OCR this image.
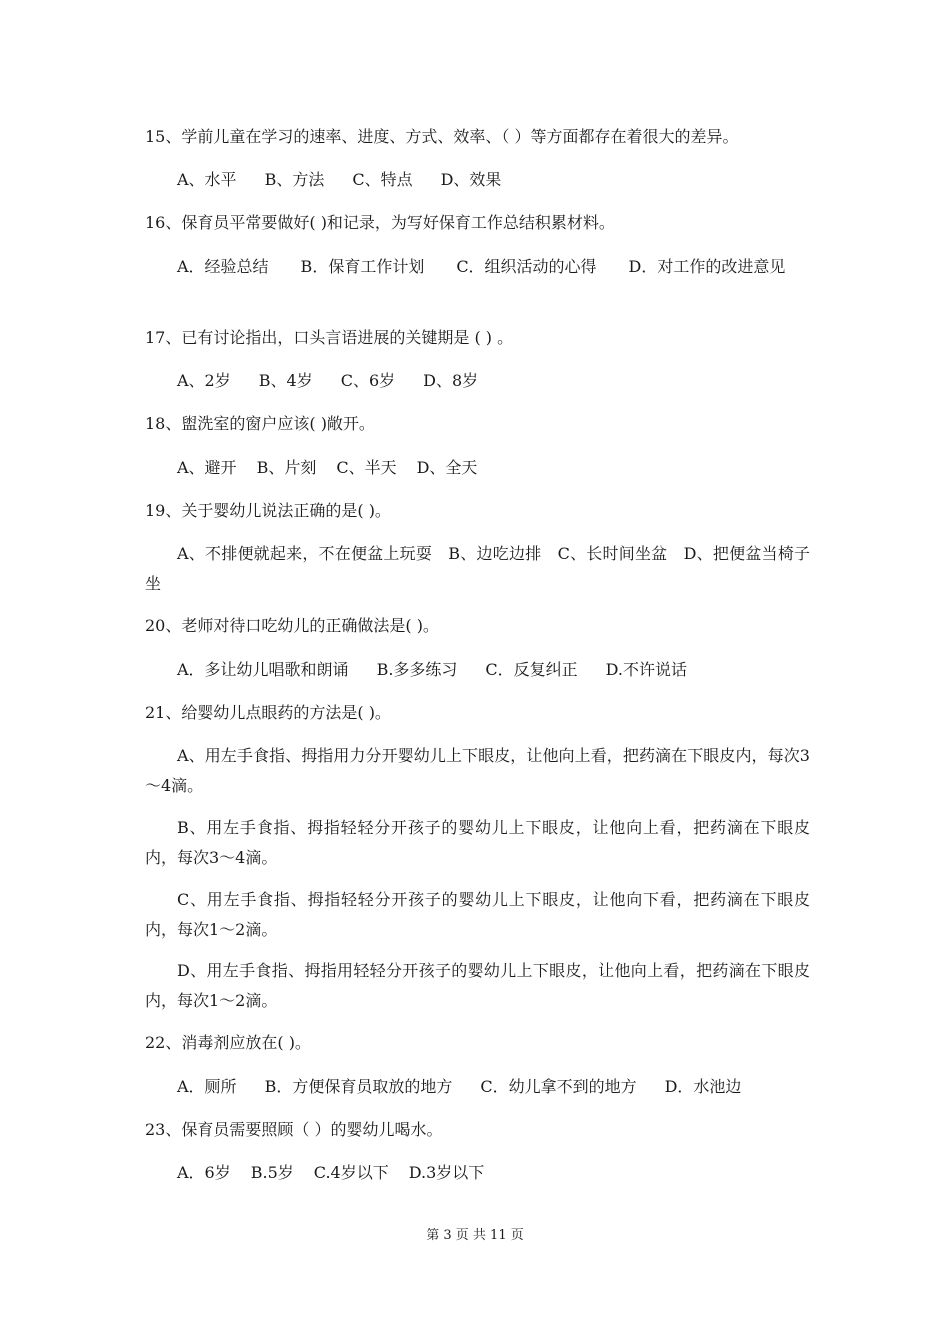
15、学前儿童在学习的速率、进度、方式、效率、（ ）等方面都存在着很大的差异。
A、水平 B、方法 C、特点 D、效果
16、保育员平常要做好( )和记录，为写好保育工作总结积累材料。
A．经验总结　　B．保育工作计划　　C．组织活动的心得　　D．对工作的改进意见
17、已有讨论指出，口头言语进展的关键期是 ( ) 。
A、2岁 B、4岁 C、6岁 D、8岁
18、盥洗室的窗户应该( )敞开。
A、避开 B、片刻 C、半天 D、全天
19、关于婴幼儿说法正确的是( )。
A、不排便就起来，不在便盆上玩耍　B、边吃边排　C、长时间坐盆　D、把便盆当椅子坐
20、老师对待口吃幼儿的正确做法是( )。
A．多让幼儿唱歌和朗诵 B.多多练习 C．反复纠正 D.不许说话
21、给婴幼儿点眼药的方法是( )。
A、用左手食指、拇指用力分开婴幼儿上下眼皮，让他向上看，把药滴在下眼皮内，每次3～4滴。
B、用左手食指、拇指轻轻分开孩子的婴幼儿上下眼皮，让他向上看，把药滴在下眼皮内，每次3～4滴。
C、用左手食指、拇指轻轻分开孩子的婴幼儿上下眼皮，让他向下看，把药滴在下眼皮内，每次1～2滴。
D、用左手食指、拇指用轻轻分开孩子的婴幼儿上下眼皮，让他向上看，把药滴在下眼皮内，每次1～2滴。
22、消毒剂应放在( )。
A．厕所 B．方便保育员取放的地方 C．幼儿拿不到的地方 D．水池边
23、保育员需要照顾（ ）的婴幼儿喝水。
A．6岁 B.5岁 C.4岁以下 D.3岁以下
第 3 页 共 11 页
